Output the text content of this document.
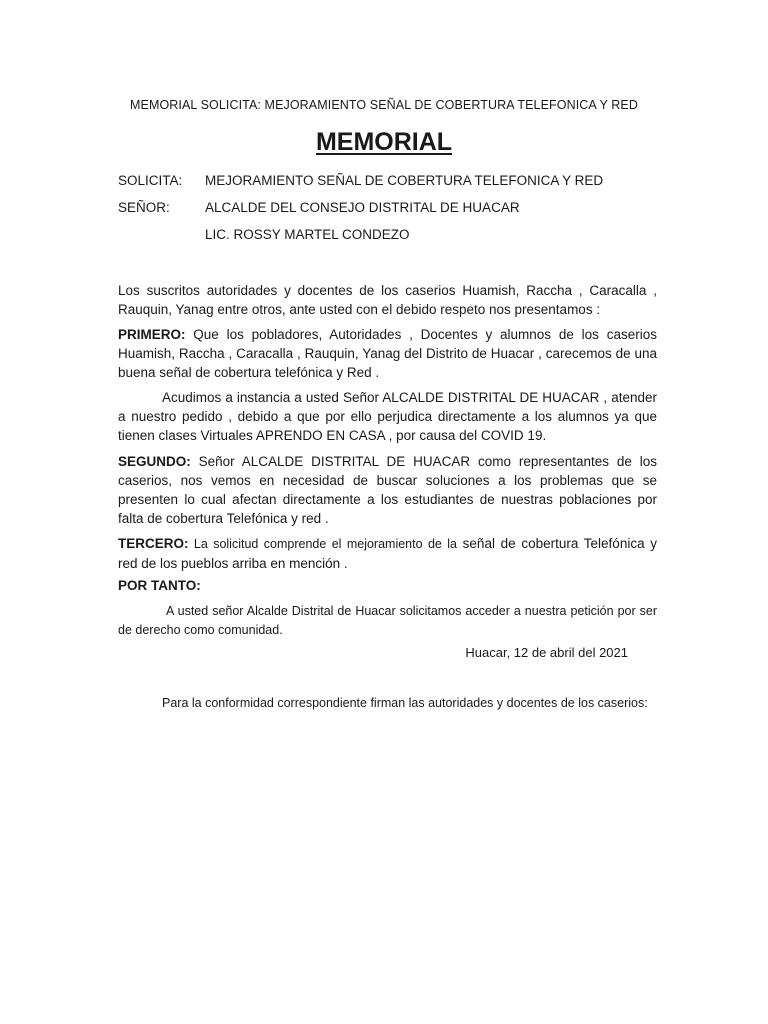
MEMORIAL SOLICITA: MEJORAMIENTO SEÑAL DE COBERTURA TELEFONICA Y RED
MEMORIAL
SOLICITA: MEJORAMIENTO SEÑAL DE COBERTURA TELEFONICA Y RED
SEÑOR:	ALCALDE DEL CONSEJO DISTRITAL DE HUACAR
LIC. ROSSY MARTEL CONDEZO
Los suscritos autoridades y docentes de los caserios Huamish, Raccha , Caracalla , Rauquin, Yanag entre otros, ante usted con el debido respeto nos presentamos :
PRIMERO: Que los pobladores, Autoridades , Docentes y alumnos de los caserios Huamish, Raccha , Caracalla , Rauquin, Yanag del Distrito de Huacar , carecemos de una buena señal de cobertura telefónica y Red .
Acudimos a instancia a usted Señor ALCALDE DISTRITAL DE HUACAR , atender a nuestro pedido , debido a que por ello perjudica directamente a los alumnos ya que tienen clases Virtuales APRENDO EN CASA , por causa del COVID 19.
SEGUNDO: Señor ALCALDE DISTRITAL DE HUACAR como representantes de los caserios, nos vemos en necesidad de buscar soluciones a los problemas que se presenten lo cual afectan directamente a los estudiantes de nuestras poblaciones por falta de cobertura Telefónica y red .
TERCERO: La solicitud comprende el mejoramiento de la señal de cobertura Telefónica y red de los pueblos arriba en mención .
POR TANTO:
A usted señor Alcalde Distrital de Huacar solicitamos acceder a nuestra petición por ser de derecho como comunidad.
Huacar, 12 de abril del 2021
Para la conformidad correspondiente firman las autoridades y docentes de los caserios:
